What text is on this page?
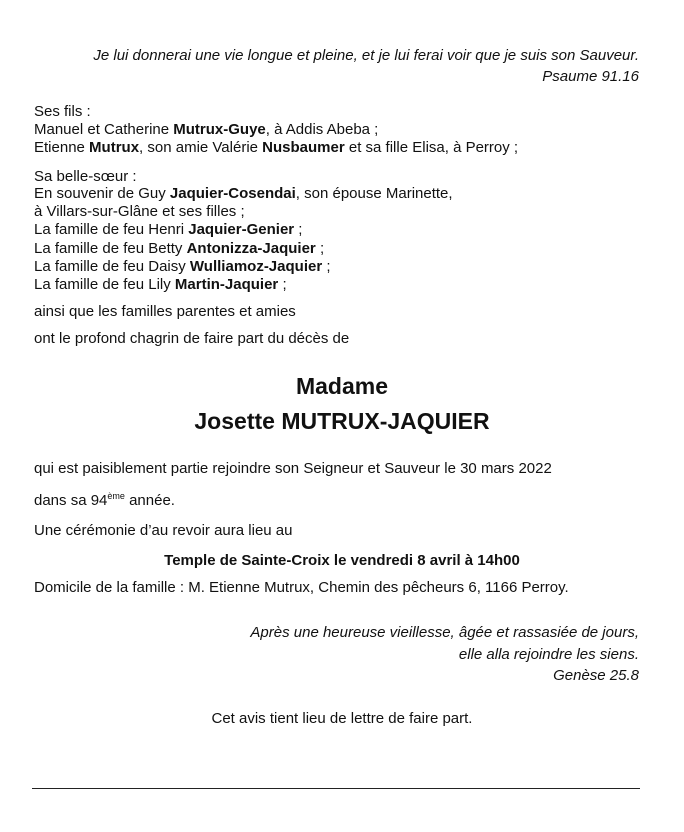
Je lui donnerai une vie longue et pleine, et je lui ferai voir que je suis son Sauveur.
Psaume 91.16
Ses fils :
Manuel et Catherine Mutrux-Guye, à Addis Abeba ;
Etienne Mutrux, son amie Valérie Nusbaumer et sa fille Elisa, à Perroy ;
Sa belle-sœur :
En souvenir de Guy Jaquier-Cosendai, son épouse Marinette,
à Villars-sur-Glâne et ses filles ;
La famille de feu Henri Jaquier-Genier ;
La famille de feu Betty Antonizza-Jaquier ;
La famille de feu Daisy Wulliamoz-Jaquier ;
La famille de feu Lily Martin-Jaquier ;
ainsi que les familles parentes et amies
ont le profond chagrin de faire part du décès de
Madame
Josette MUTRUX-JAQUIER
qui est paisiblement partie rejoindre son Seigneur et Sauveur le 30 mars 2022
dans sa 94ème année.
Une cérémonie d’au revoir aura lieu au
Temple de Sainte-Croix le vendredi 8 avril à 14h00
Domicile de la famille : M. Etienne Mutrux, Chemin des pêcheurs 6, 1166 Perroy.
Après une heureuse vieillesse, âgée et rassasiée de jours,
elle alla rejoindre les siens.
Genèse 25.8
Cet avis tient lieu de lettre de faire part.
